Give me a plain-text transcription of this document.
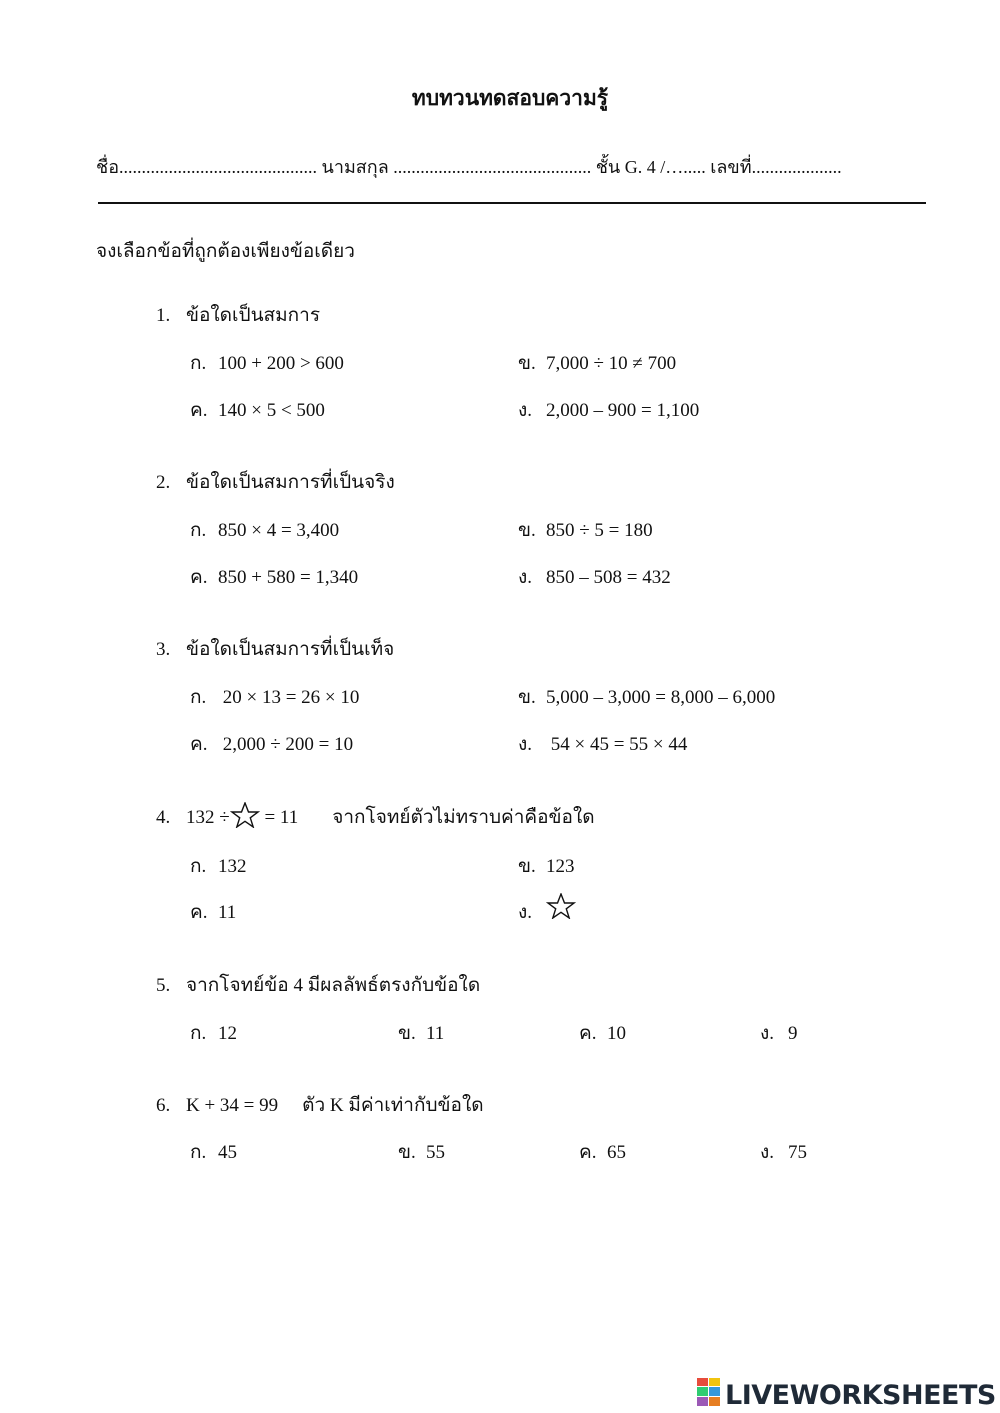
ทบทวนทดสอบความรู้
ชื่อ............................................ นามสกุล ............................................ ชั้น G. 4 /…..... เลขที่....................
จงเลือกข้อที่ถูกต้องเพียงข้อเดียว
1. ข้อใดเป็นสมการ
ก. 100 + 200 > 600	ข. 7,000 ÷ 10 ≠ 700
ค. 140 × 5 < 500	ง. 2,000 – 900 = 1,100
2. ข้อใดเป็นสมการที่เป็นจริง
ก. 850 × 4 = 3,400	ข. 850 ÷ 5 = 180
ค. 850 + 580 = 1,340	ง. 850 – 508 = 432
3. ข้อใดเป็นสมการที่เป็นเท็จ
ก. 20 × 13 = 26 × 10	ข. 5,000 – 3,000 = 8,000 – 6,000
ค. 2,000 ÷ 200 = 10	ง. 54 × 45 = 55 × 44
4. 132 ÷ = 11 จากโจทย์ตัวไม่ทราบค่าคือข้อใด
ก. 132	ข. 123
ค. 11	ง.
5. จากโจทย์ข้อ 4 มีผลลัพธ์ตรงกับข้อใด
ก. 12	ข. 11	ค. 10	ง. 9
6. K + 34 = 99 ตัว K มีค่าเท่ากับข้อใด
ก. 45	ข. 55	ค. 65	ง. 75
LIVEWORKSHEETS
